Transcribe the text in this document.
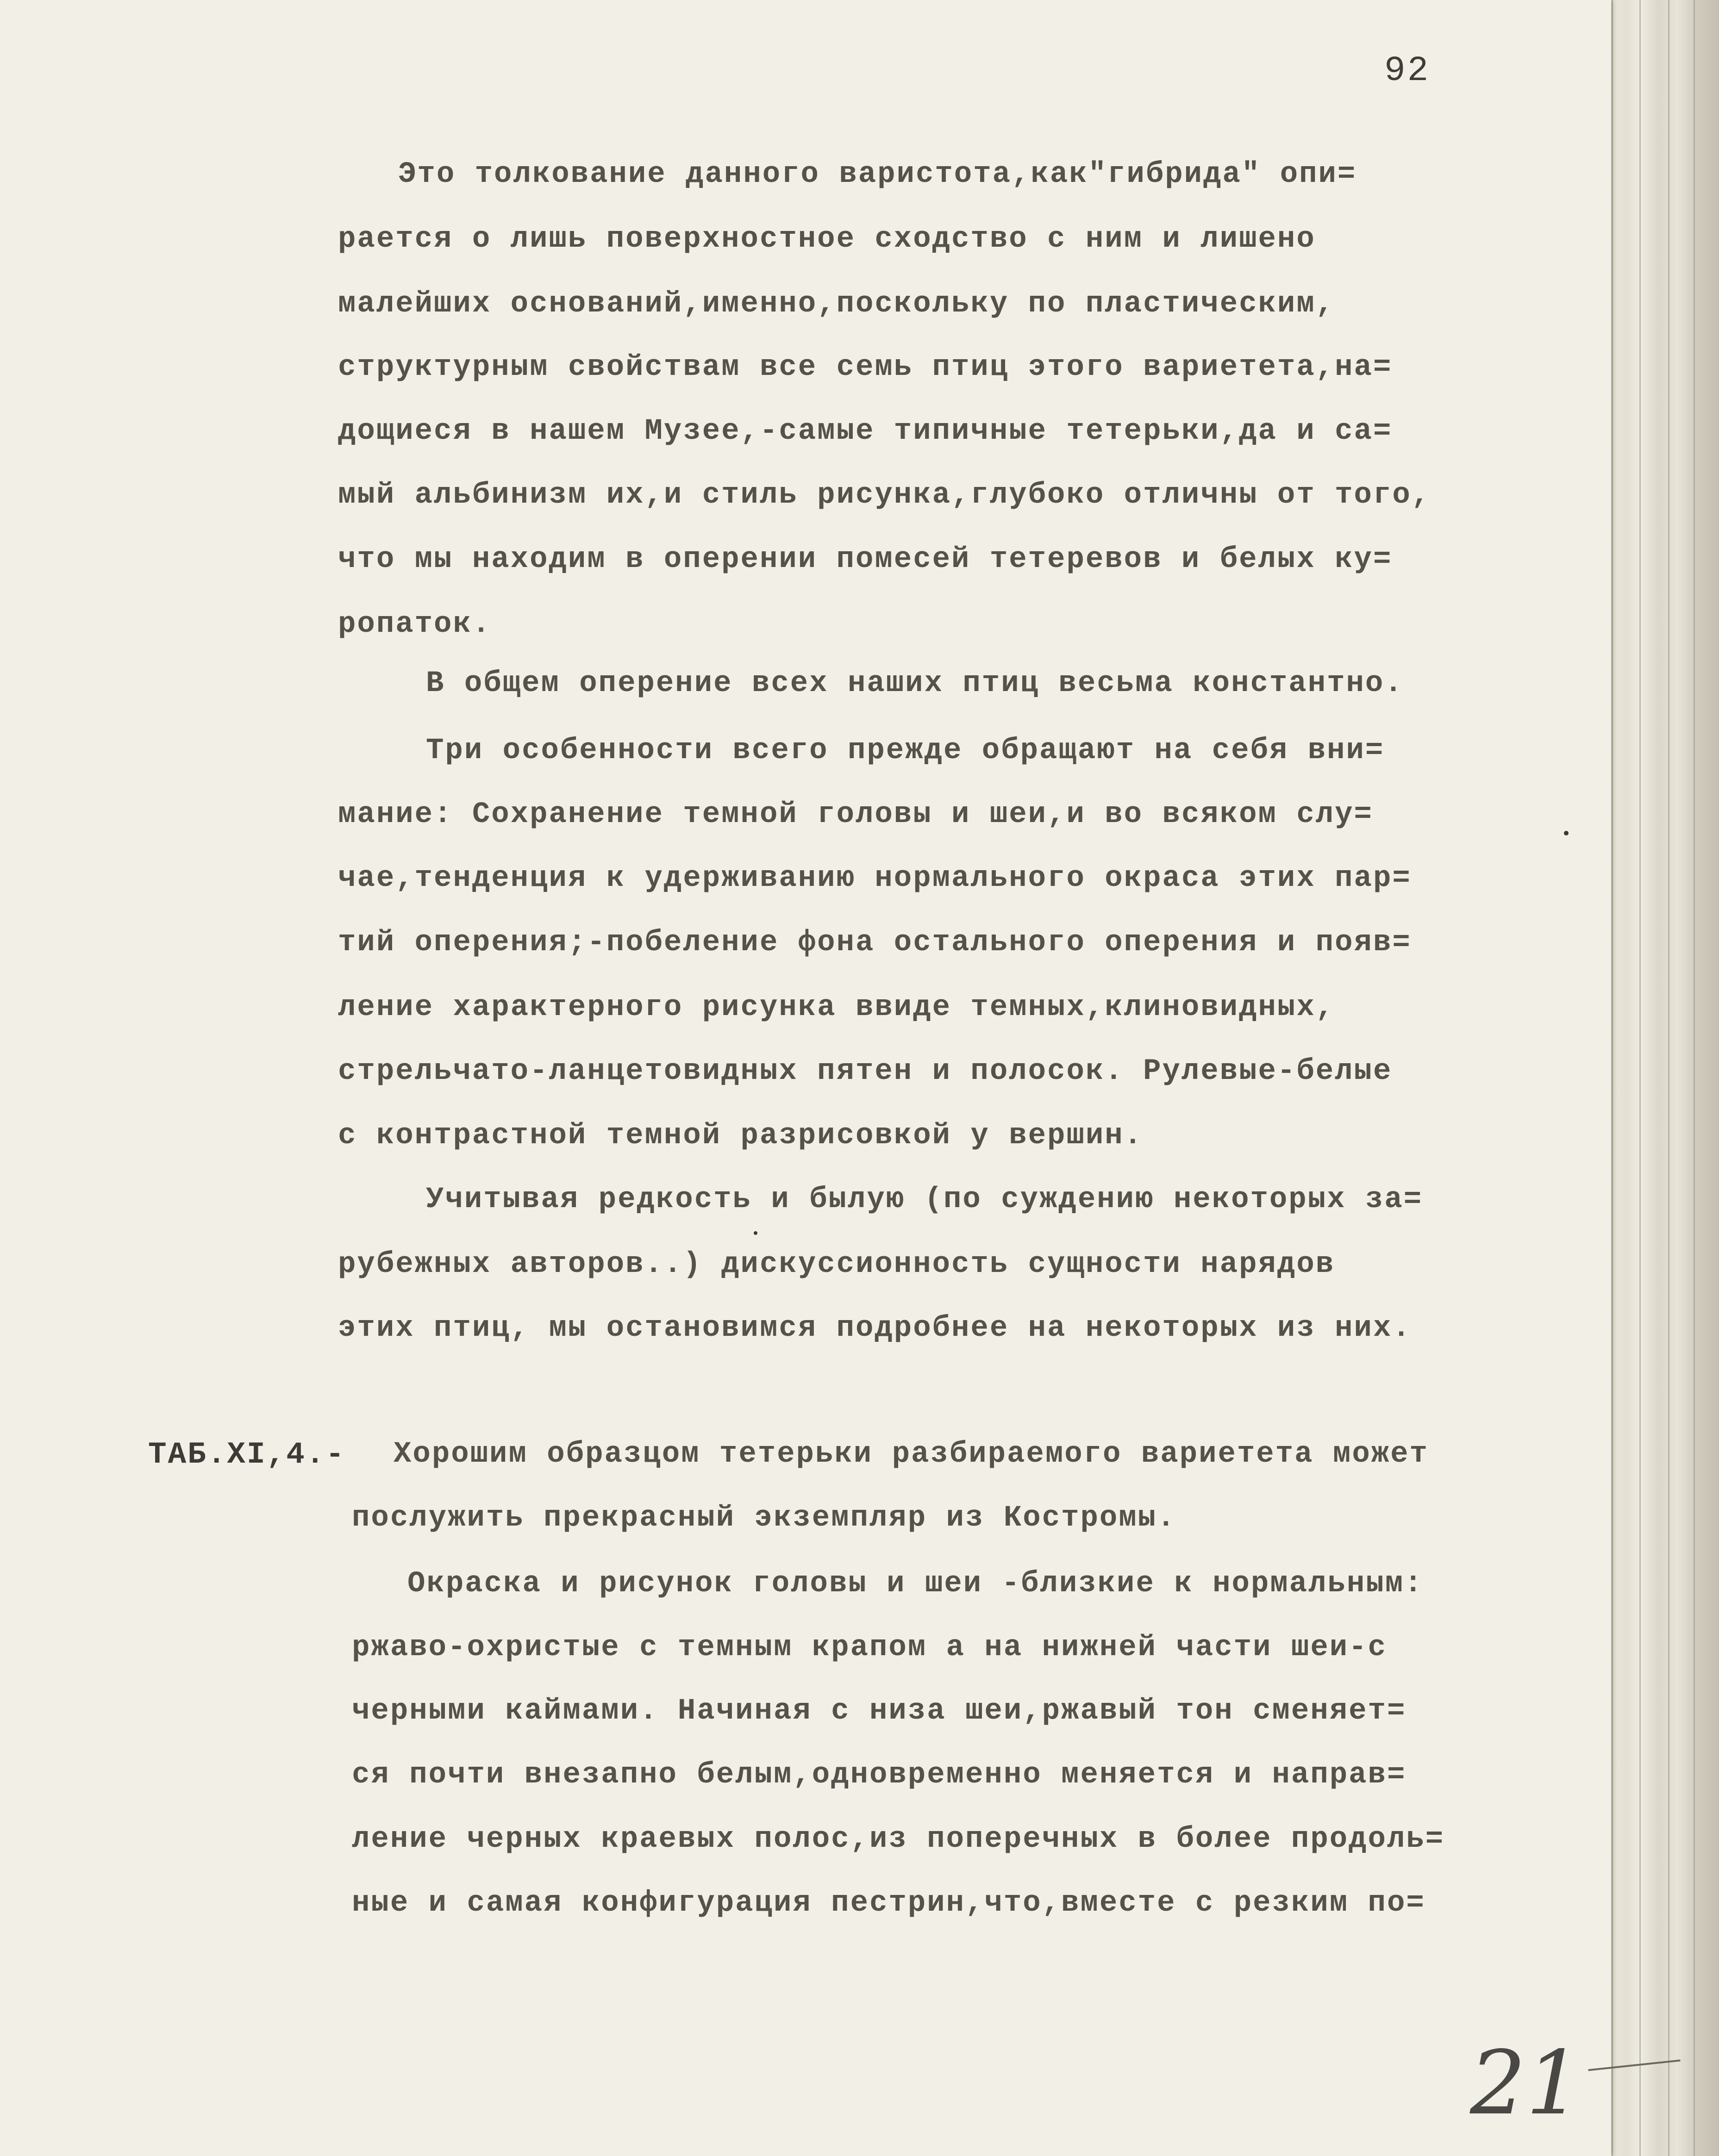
92
Это толкование данного варистота,как"гибрида" опи=
рается о лишь поверхностное сходство с ним и лишено
малейших оснований,именно,поскольку по пластическим,
структурным свойствам все семь птиц этого вариетета,на=
дощиеся в нашем Музее,-самые типичные тетерьки,да и са=
мый альбинизм их,и стиль рисунка,глубоко отличны от того,
что мы находим в оперении помесей тетеревов и белых ку=
ропаток.
В общем оперение всех наших птиц весьма константно.
Три особенности всего прежде обращают на себя вни=
мание: Сохранение темной головы и шеи,и во всяком слу=
чае,тенденция к удерживанию нормального окраса этих пар=
тий оперения;-побеление фона остального оперения и появ=
ление характерного рисунка ввиде темных,клиновидных,
стрельчато-ланцетовидных пятен и полосок. Рулевые-белые
с контрастной темной разрисовкой у вершин.
Учитывая редкость и былую (по суждению некоторых за=
рубежных авторов..) дискуссионность сущности нарядов
этих птиц, мы остановимся подробнее на некоторых из них.
Хорошим образцом тетерьки разбираемого вариетета может
послужить прекрасный экземпляр из Костромы.
Окраска и рисунок головы и шеи -близкие к нормальным:
ржаво-охристые с темным крапом а на нижней части шеи-с
черными каймами. Начиная с низа шеи,ржавый тон сменяет=
ся почти внезапно белым,одновременно меняется и направ=
ление черных краевых полос,из поперечных в более продоль=
ные и самая конфигурация пестрин,что,вместе с резким по=
ТАБ.XI,4.-
21
